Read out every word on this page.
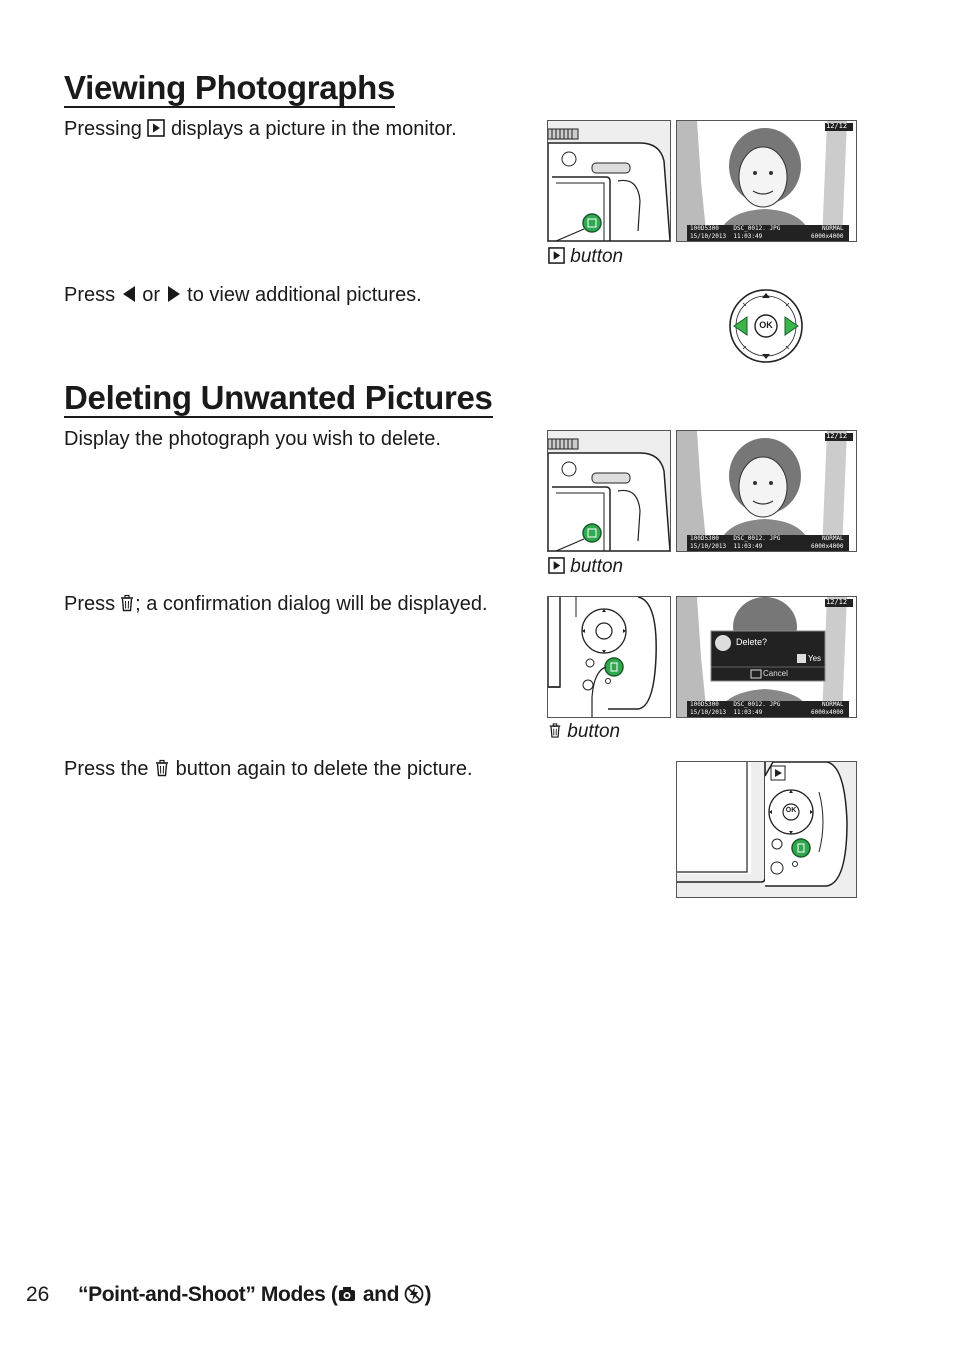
Viewing Photographs

Pressing displays a picture in the monitor.	12/12
100D5300    DSC_0012. JPG
15/10/2013  11:03:49
NORMAL
6000x4000
button

Press or to view additional pictures.

OK
Deleting Unwanted Pictures

Display the photograph you wish to delete.	12/12
100D5300    DSC_0012. JPG
15/10/2013  11:03:49
NORMAL
6000x4000
button

Press ; a confirmation dialog will be displayed.	12/12
Delete?
Yes
Cancel
100D5300    DSC_0012. JPG
15/10/2013  11:03:49
NORMAL
6000x4000
button

Press the button again to delete the picture.

OK
26 “Point-and-Shoot” Modes ( and )
